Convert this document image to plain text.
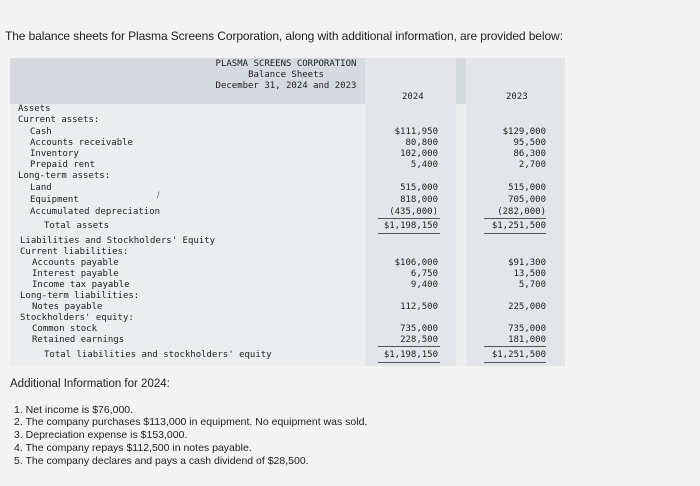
The balance sheets for Plasma Screens Corporation, along with additional information, are provided below:
PLASMA SCREENS CORPORATION
Balance Sheets
December 31, 2024 and 2023
2024	2023
Assets
Current assets:
Cash	$111,950	$129,000
Accounts receivable	80,800	95,500
Inventory	102,000	86,300
Prepaid rent	5,400	2,700
Long-term assets:
Land	515,000	515,000
/
Equipment	818,000	705,000
Accumulated depreciation	(435,000)	(282,000)
Total assets	$1,198,150	$1,251,500
Liabilities and Stockholders' Equity
Current liabilities:
Accounts payable	$106,000	$91,300
Interest payable	6,750	13,500
Income tax payable	9,400	5,700
Long-term liabilities:
Notes payable	112,500	225,000
Stockholders' equity:
Common stock	735,000	735,000
Retained earnings	228,500	181,000
Total liabilities and stockholders' equity	$1,198,150	$1,251,500
Additional Information for 2024:
1. Net income is $76,000.
2. The company purchases $113,000 in equipment. No equipment was sold.
3. Depreciation expense is $153,000.
4. The company repays $112,500 in notes payable.
5. The company declares and pays a cash dividend of $28,500.
